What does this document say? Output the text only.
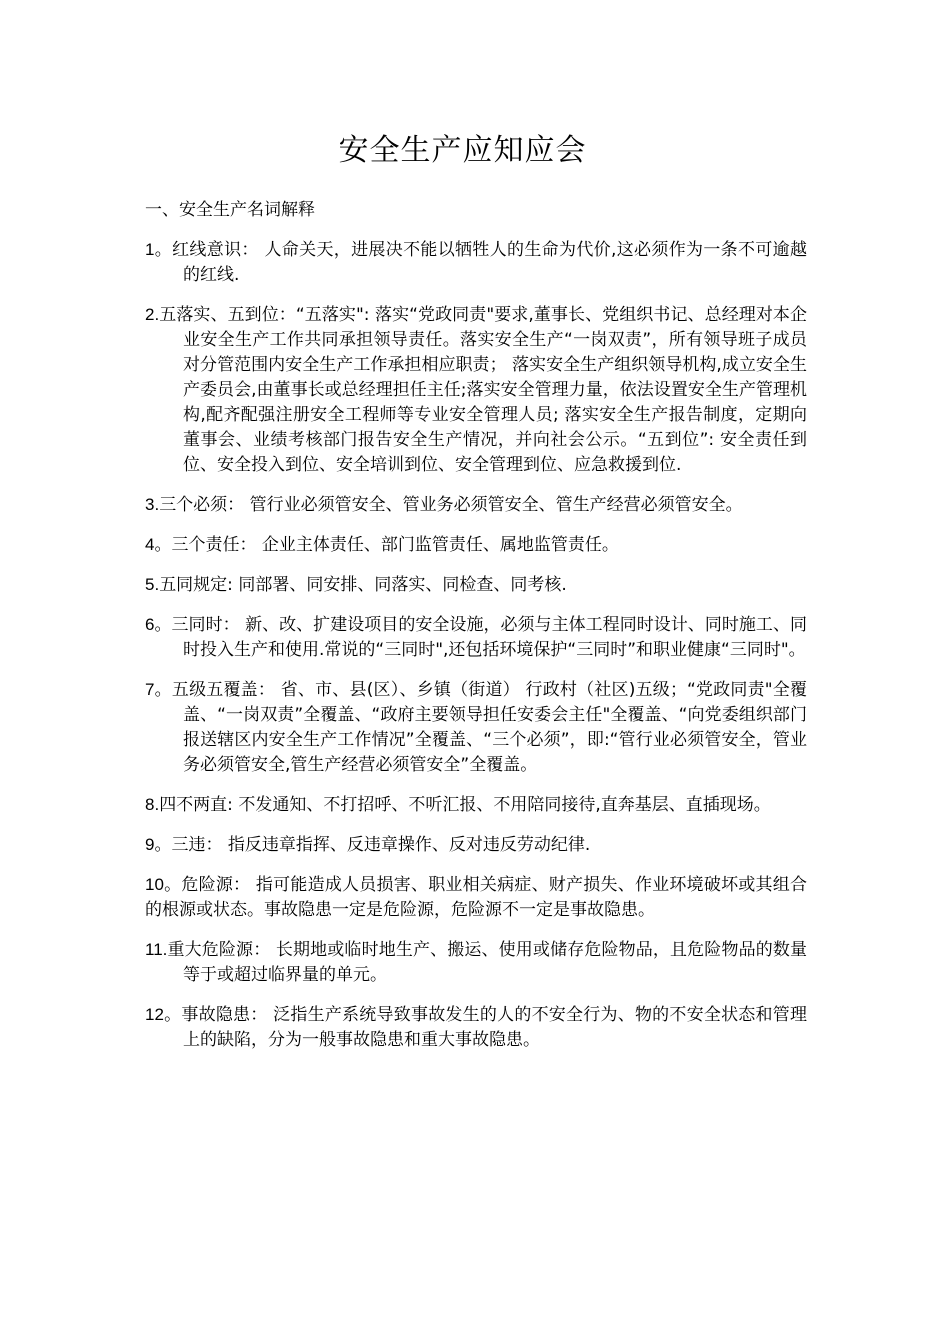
安全生产应知应会

一、安全生产名词解释

1。红线意识： 人命关天，进展决不能以牺牲人的生命为代价,这必须作为一条不可逾越的红线.

2.五落实、五到位：“五落实": 落实“党政同责"要求,董事长、党组织书记、总经理对本企业安全生产工作共同承担领导责任。落实安全生产“一岗双责”，所有领导班子成员对分管范围内安全生产工作承担相应职责； 落实安全生产组织领导机构,成立安全生产委员会,由董事长或总经理担任主任;落实安全管理力量，依法设置安全生产管理机构,配齐配强注册安全工程师等专业安全管理人员; 落实安全生产报告制度，定期向董事会、业绩考核部门报告安全生产情况，并向社会公示。“五到位”: 安全责任到位、安全投入到位、安全培训到位、安全管理到位、应急救援到位.

3.三个必须： 管行业必须管安全、管业务必须管安全、管生产经营必须管安全。

4。三个责任： 企业主体责任、部门监管责任、属地监管责任。

5.五同规定: 同部署、同安排、同落实、同检查、同考核.

6。三同时： 新、改、扩建设项目的安全设施，必须与主体工程同时设计、同时施工、同时投入生产和使用.常说的“三同时",还包括环境保护“三同时”和职业健康“三同时"。

7。五级五覆盖： 省、市、县(区）、乡镇（街道） 行政村（社区)五级；“党政同责"全覆盖、“一岗双责”全覆盖、“政府主要领导担任安委会主任"全覆盖、“向党委组织部门报送辖区内安全生产工作情况”全覆盖、“三个必须”，即:“管行业必须管安全，管业务必须管安全,管生产经营必须管安全”全覆盖。

8.四不两直: 不发通知、不打招呼、不听汇报、不用陪同接待,直奔基层、直插现场。

9。三违： 指反违章指挥、反违章操作、反对违反劳动纪律.

10。危险源： 指可能造成人员损害、职业相关病症、财产损失、作业环境破坏或其组合的根源或状态。事故隐患一定是危险源，危险源不一定是事故隐患。

11.重大危险源： 长期地或临时地生产、搬运、使用或储存危险物品，且危险物品的数量等于或超过临界量的单元。

12。事故隐患： 泛指生产系统导致事故发生的人的不安全行为、物的不安全状态和管理上的缺陷，分为一般事故隐患和重大事故隐患。
